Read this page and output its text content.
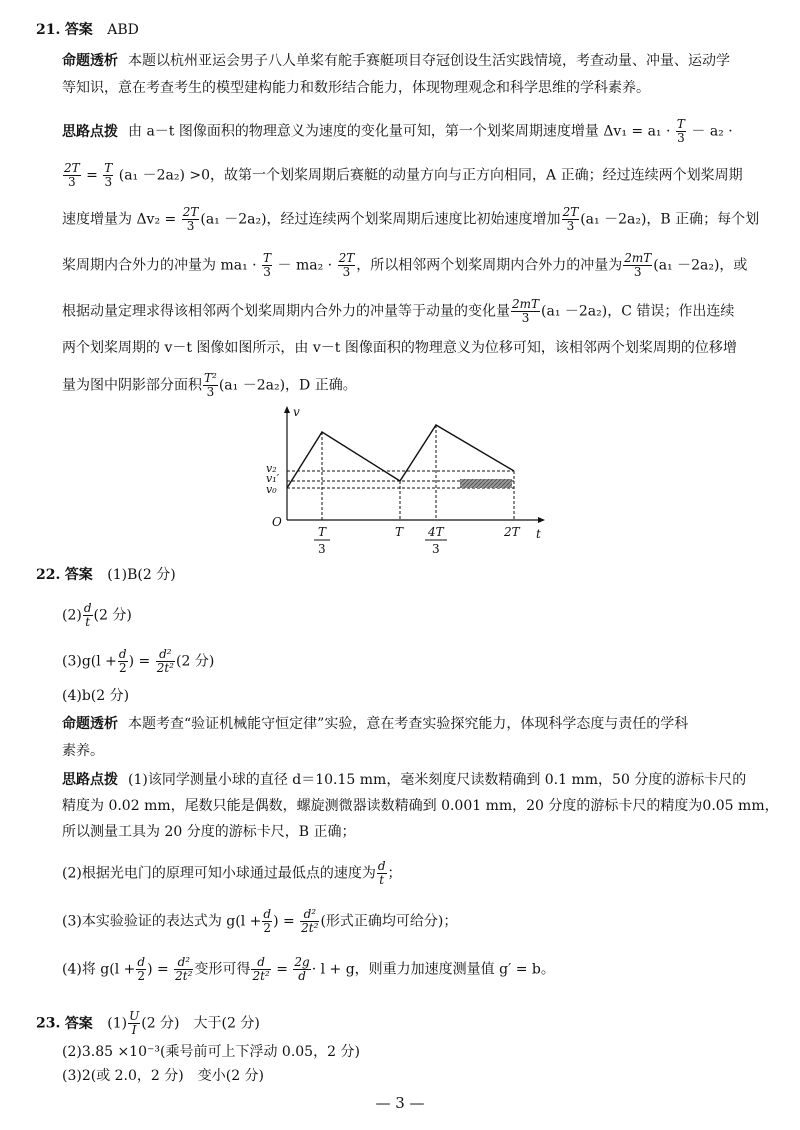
21. 答案 ABD
命题透析 本题以杭州亚运会男子八人单桨有舵手赛艇项目夺冠创设生活实践情境，考查动量、冲量、运动学
等知识，意在考查考生的模型建构能力和数形结合能力，体现物理观念和科学思维的学科素养。
思路点拨 由 a－t 图像面积的物理意义为速度的变化量可知，第一个划桨周期速度增量 $\Delta v_1 = a_1 \cdot \frac{T}{3} - a_2$ ·
$\frac{2T}{3} = \frac{T}{3} (a_1 -2a_2) >0$，故第一个划桨周期后赛艇的动量方向与正方向相同，A 正确；经过连续两个划桨周期
速度增量为 $\Delta v_2 = \frac{2T}{3} (a_1 -2a_2)$，经过连续两个划桨周期后速度比初始速度增加 $\frac{2T}{3} (a_1 -2a_2)$，B 正确；每个划
桨周期内合外力的冲量为 $ma_1 \cdot \frac{T}{3} - ma_2 \cdot \frac{2T}{3}$ ，所以相邻两个划桨周期内合外力的冲量为 $\frac{2mT}{3} (a_1 -2a_2)$，或
根据动量定理求得该相邻两个划桨周期内合外力的冲量等于动量的变化量 $\frac{2mT}{3} (a_1 -2a_2)$，C 错误；作出连续
两个划桨周期的 v－t 图像如图所示，由 v－t 图像面积的物理意义为位移可知，该相邻两个划桨周期的位移增
量为图中阴影部分面积 $\frac{\text{T²}}{3} (a_1 -2a_2)$，D 正确。
v
t
O
v₂
v₁′
v₀
T
3
T 4T
3
2T
22. 答案 (1)B(2 分)
$(2) \frac{d}{t} (2$ 分)
$(3)g(l + \frac{d}{2}$ ) = $\frac{\text{d²}}{\text{2t²}} (2$ 分)
(4)b(2 分)
命题透析 本题考查“验证机械能守恒定律”实验，意在考查实验探究能力，体现科学态度与责任的学科
素养。
思路点拨 (1)该同学测量小球的直径 d＝10.15 mm，毫米刻度尺读数精确到 0.1 mm，50 分度的游标卡尺的
精度为 0.02 mm，尾数只能是偶数，螺旋测微器读数精确到 0.001 mm，20 分度的游标卡尺的精度为0.05 mm，
所以测量工具为 20 分度的游标卡尺，B 正确；
(2)根据光电门的原理可知小球通过最低点的速度为 $\frac{d}{t}$ ；
(3)本实验验证的表达式为 $g(l + \frac{d}{2}$ ) = $\frac{\text{d²}}{\text{2t²}}$ (形式正确均可给分)；
(4)将 $g(l + \frac{d}{2}$ ) = $\frac{\text{d²}}{\text{2t²}}$ 变形可得 $\frac{d}{\text{2t²}} = \frac{2g}{d} \cdot l + g$，则重力加速度测量值 g′ = b。
23. 答案 $(1) \frac{U}{I} (2$ 分)　大于(2 分)
(2)3.85 ×10⁻³(乘号前可上下浮动 0.05，2 分)
(3)2(或 2.0，2 分)　变小(2 分)
— 3 —
